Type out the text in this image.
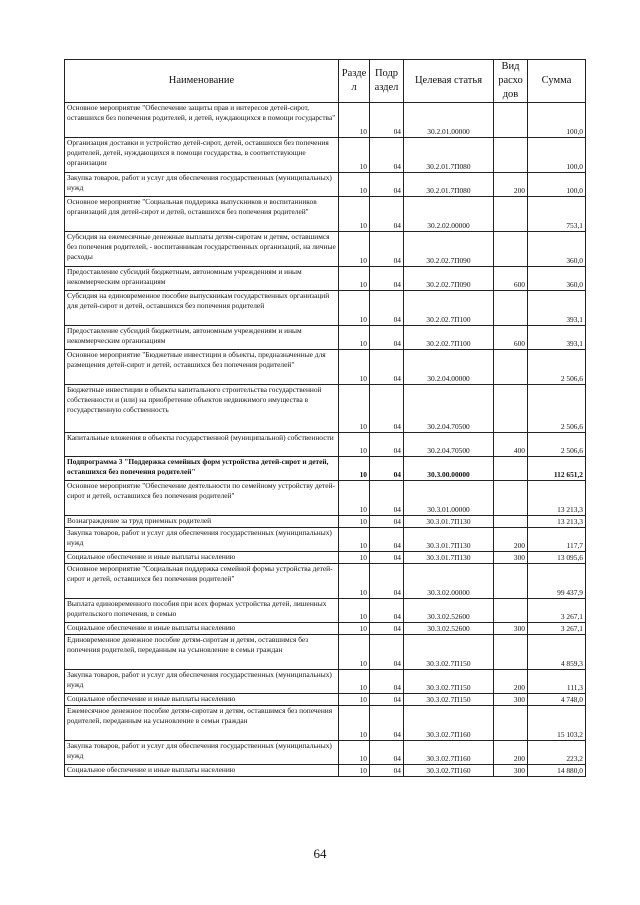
Наименование	Разде л	Подр аздел	Целевая статья	Вид расхо дов	Сумма
Основное мероприятие "Обеспечение защиты прав и интересов детей-сирот, оставшихся без попечения родителей, и детей, нуждающихся в помощи государства"	10	04	30.2.01.00000		100,0
Организация доставки и устройство детей-сирот, детей, оставшихся без попечения родителей, детей, нуждающихся в помощи государства, в соответствующие организации	10	04	30.2.01.7П080		100,0
Закупка товаров, работ и услуг для обеспечения государственных (муниципальных) нужд	10	04	30.2.01.7П080	200	100,0
Основное мероприятие "Социальная поддержка выпускников и воспитанников организаций для детей-сирот и детей, оставшихся без попечения родителей"	10	04	30.2.02.00000		753,1
Субсидия на ежемесячные денежные выплаты детям-сиротам и детям, оставшимся без попечения родителей, - воспитанникам государственных организаций, на личные расходы	10	04	30.2.02.7П090		360,0
Предоставление субсидий бюджетным, автономным учреждениям и иным некоммерческим организациям	10	04	30.2.02.7П090	600	360,0
Субсидия на единовременное пособие выпускникам государственных организаций для детей-сирот и детей, оставшихся без попечения родителей	10	04	30.2.02.7П100		393,1
Предоставление субсидий бюджетным, автономным учреждениям и иным некоммерческим организациям	10	04	30.2.02.7П100	600	393,1
Основное мероприятие "Бюджетные инвестиции в объекты, предназначенные для размещения детей-сирот и детей, оставшихся без попечения родителей"	10	04	30.2.04.00000		2 506,6
Бюджетные инвестиции в объекты капитального строительства государственной собственности и (или) на приобретение объектов недвижимого имущества в государственную собственность	10	04	30.2.04.70500		2 506,6
Капитальные вложения в объекты государственной (муниципальной) собственности	10	04	30.2.04.70500	400	2 506,6
Подпрограмма 3 "Поддержка семейных форм устройства детей-сирот и детей, оставшихся без попечения родителей"	10	04	30.3.00.00000		112 651,2
Основное мероприятие "Обеспечение деятельности по семейному устройству детей-сирот и детей, оставшихся без попечения родителей"	10	04	30.3.01.00000		13 213,3
Вознаграждение за труд приемных родителей	10	04	30.3.01.7П130		13 213,3
Закупка товаров, работ и услуг для обеспечения государственных (муниципальных) нужд	10	04	30.3.01.7П130	200	117,7
Социальное обеспечение и иные выплаты населению	10	04	30.3.01.7П130	300	13 095,6
Основное мероприятие "Социальная поддержка семейной формы устройства детей-сирот и детей, оставшихся без попечения родителей"	10	04	30.3.02.00000		99 437,9
Выплата единовременного пособия при всех формах устройства детей, лишенных родительского попечения, в семью	10	04	30.3.02.52600		3 267,1
Социальное обеспечение и иные выплаты населению	10	04	30.3.02.52600	300	3 267,1
Единовременное денежное пособие детям-сиротам и детям, оставшимся без попечения родителей, переданным на усыновление в семьи граждан	10	04	30.3.02.7П150		4 859,3
Закупка товаров, работ и услуг для обеспечения государственных (муниципальных) нужд	10	04	30.3.02.7П150	200	111,3
Социальное обеспечение и иные выплаты населению	10	04	30.3.02.7П150	300	4 748,0
Ежемесячное денежное пособие детям-сиротам и детям, оставшимся без попечения родителей, переданным на усыновление в семьи граждан	10	04	30.3.02.7П160		15 103,2
Закупка товаров, работ и услуг для обеспечения государственных (муниципальных) нужд	10	04	30.3.02.7П160	200	223,2
Социальное обеспечение и иные выплаты населению	10	04	30.3.02.7П160	300	14 880,0
64
